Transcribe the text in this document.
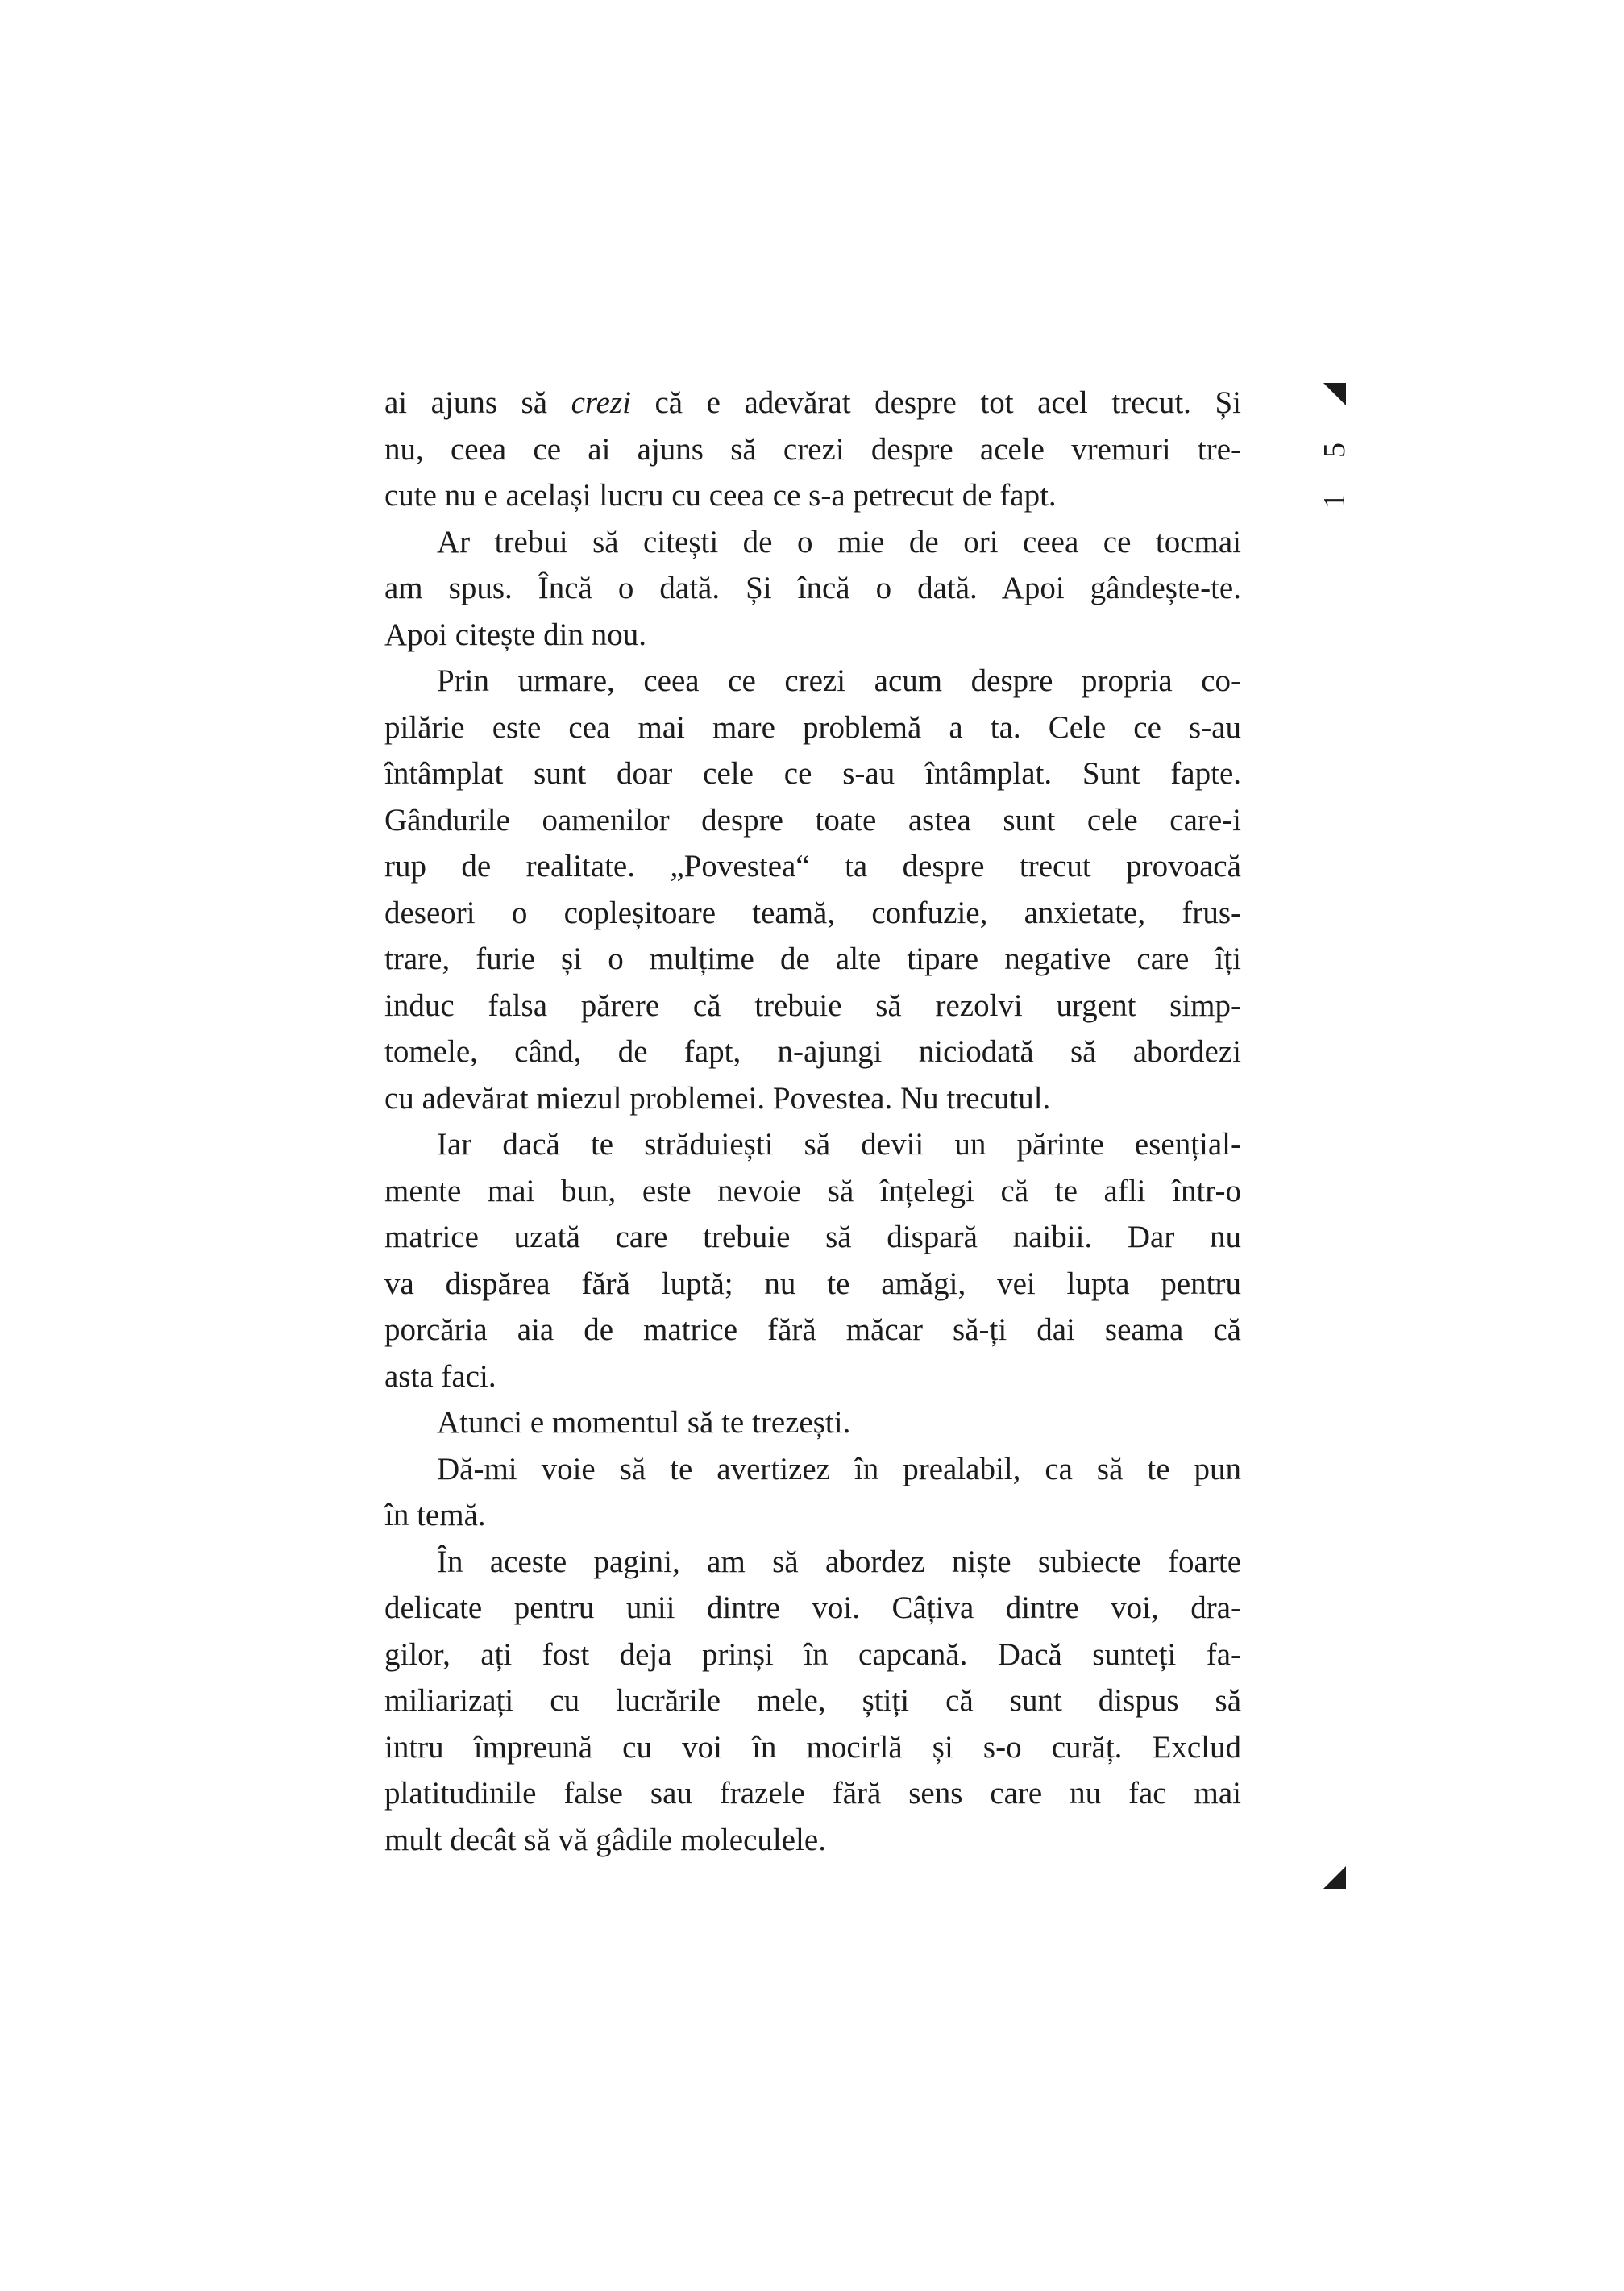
15
ai ajuns să crezi că e adevărat despre tot acel trecut. Și
nu, ceea ce ai ajuns să crezi despre acele vremuri tre-
cute nu e același lucru cu ceea ce s-a petrecut de fapt.
Ar trebui să citești de o mie de ori ceea ce tocmai
am spus. Încă o dată. Și încă o dată. Apoi gândește-te.
Apoi citește din nou.
Prin urmare, ceea ce crezi acum despre propria co-
pilărie este cea mai mare problemă a ta. Cele ce s-au
întâmplat sunt doar cele ce s-au întâmplat. Sunt fapte.
Gândurile oamenilor despre toate astea sunt cele care-i
rup de realitate. „Povestea“ ta despre trecut provoacă
deseori o copleșitoare teamă, confuzie, anxietate, frus-
trare, furie și o mulțime de alte tipare negative care îți
induc falsa părere că trebuie să rezolvi urgent simp-
tomele, când, de fapt, n-ajungi niciodată să abordezi
cu adevărat miezul problemei. Povestea. Nu trecutul.
Iar dacă te străduiești să devii un părinte esențial-
mente mai bun, este nevoie să înțelegi că te afli într-o
matrice uzată care trebuie să dispară naibii. Dar nu
va dispărea fără luptă; nu te amăgi, vei lupta pentru
porcăria aia de matrice fără măcar să-ți dai seama că
asta faci.
Atunci e momentul să te trezești.
Dă-mi voie să te avertizez în prealabil, ca să te pun
în temă.
În aceste pagini, am să abordez niște subiecte foarte
delicate pentru unii dintre voi. Câțiva dintre voi, dra-
gilor, ați fost deja prinși în capcană. Dacă sunteți fa-
miliarizați cu lucrările mele, știți că sunt dispus să
intru împreună cu voi în mocirlă și s-o curăț. Exclud
platitudinile false sau frazele fără sens care nu fac mai
mult decât să vă gâdile moleculele.
